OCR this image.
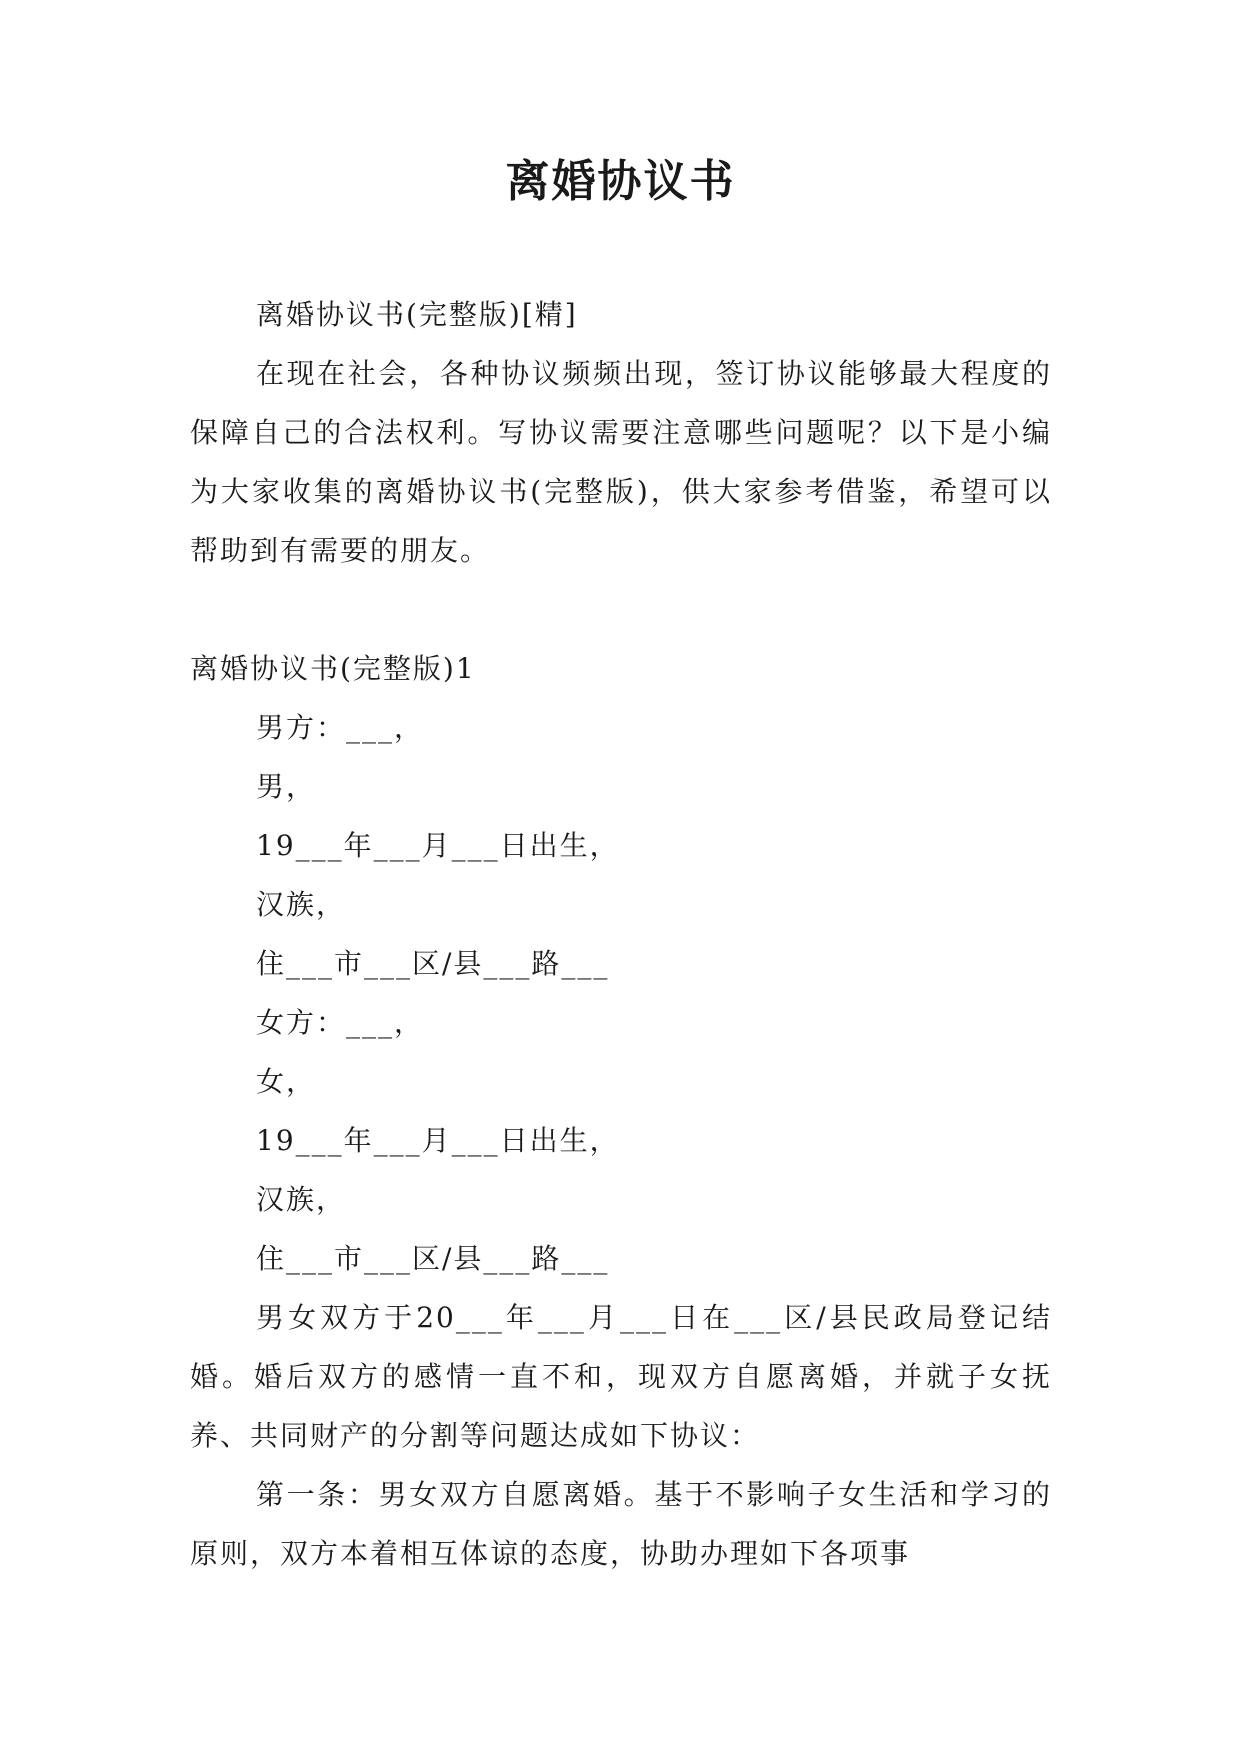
离婚协议书

离婚协议书(完整版)[精]

在现在社会，各种协议频频出现，签订协议能够最大程度的保障自己的合法权利。写协议需要注意哪些问题呢？以下是小编为大家收集的离婚协议书(完整版)，供大家参考借鉴，希望可以帮助到有需要的朋友。

离婚协议书(完整版)1

男方：___，

男，

19___年___月___日出生，

汉族，

住___市___区/县___路___

女方：___，

女，

19___年___月___日出生，

汉族，

住___市___区/县___路___

男女双方于20___年___月___日在___区/县民政局登记结婚。婚后双方的感情一直不和，现双方自愿离婚，并就子女抚养、共同财产的分割等问题达成如下协议：

第一条：男女双方自愿离婚。基于不影响子女生活和学习的原则，双方本着相互体谅的态度，协助办理如下各项事
